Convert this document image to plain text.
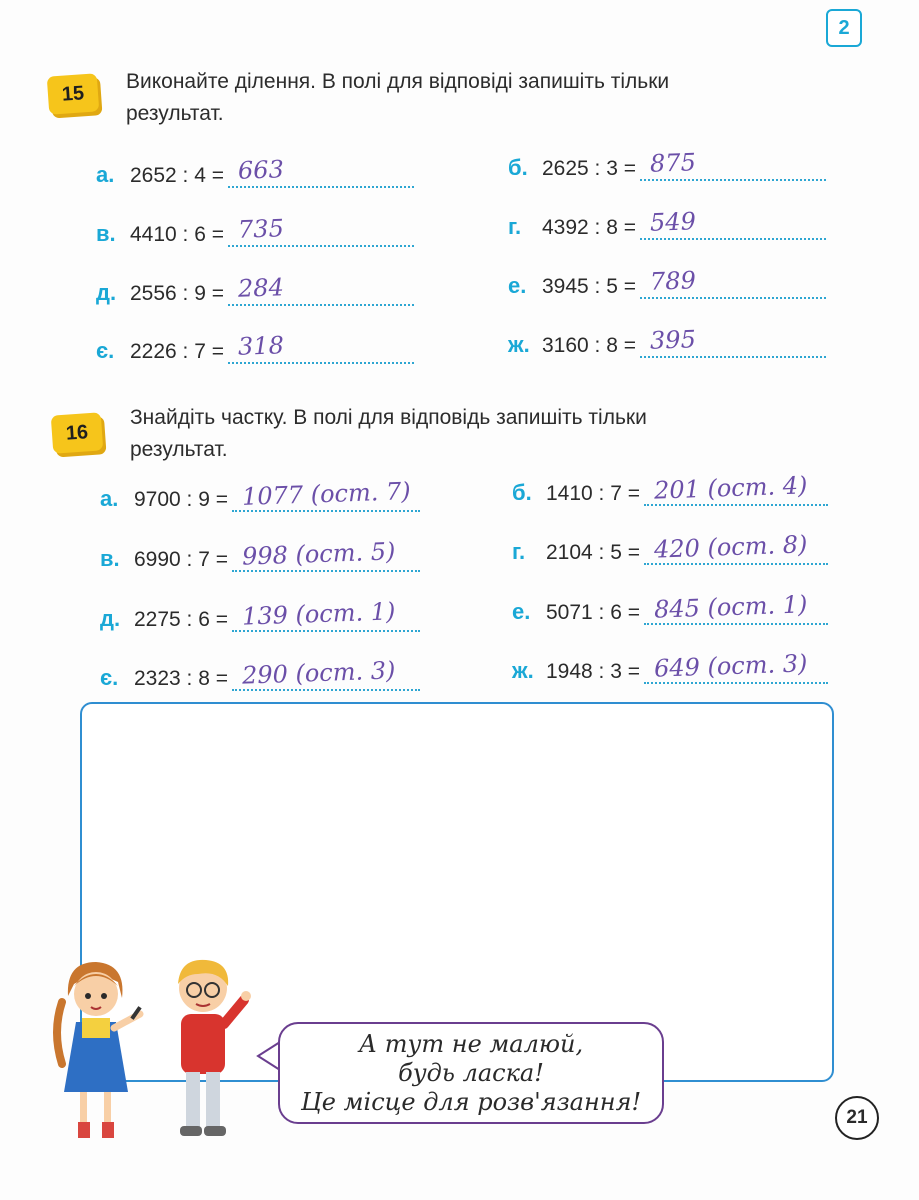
2
15
Виконайте ділення. В полі для відповіді запишіть тільки
результат.
а. 2652 : 4 = 663	б. 2625 : 3 = 875
в. 4410 : 6 = 735	г. 4392 : 8 = 549
д. 2556 : 9 = 284	е. 3945 : 5 = 789
є. 2226 : 7 = 318	ж. 3160 : 8 = 395
16
Знайдіть частку. В полі для відповідь запишіть тільки
результат.
а. 9700 : 9 = 1077 (ост. 7)	б. 1410 : 7 = 201 (ост. 4)
в. 6990 : 7 = 998 (ост. 5)	г. 2104 : 5 = 420 (ост. 8)
д. 2275 : 6 = 139 (ост. 1)	е. 5071 : 6 = 845 (ост. 1)
є. 2323 : 8 = 290 (ост. 3)	ж. 1948 : 3 = 649 (ост. 3)
А тут не малюй,
будь ласка!
Це місце для розв'язання!
21
